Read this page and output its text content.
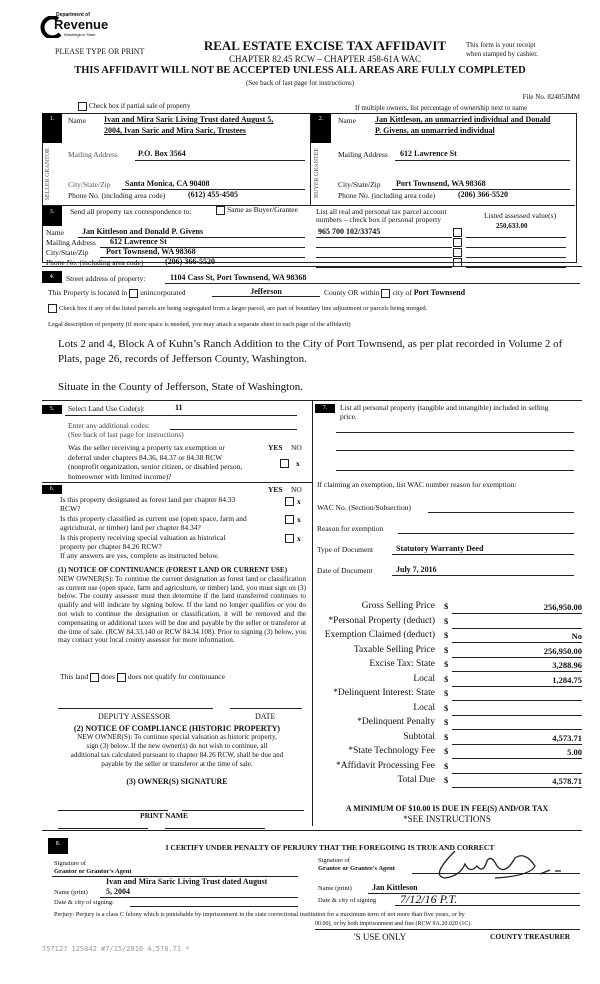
Department of
Revenue
Washington State
PLEASE TYPE OR PRINT	REAL ESTATE EXCISE TAX AFFIDAVIT
CHAPTER 82.45 RCW – CHAPTER 458-61A WAC
This form is your receipt
when stamped by cashier.
THIS AFFIDAVIT WILL NOT BE ACCEPTED UNLESS ALL AREAS ARE FULLY COMPLETED
(See back of last page for instructions)
File No. 82405JMM
Check box if partial sale of property	If multiple owners, list percentage of ownership next to name
1.	2.
SELLER GRANTOR	BUYER GRANTEE
Name Ivan and Mira Saric Living Trust dated August 5,
2004, Ivan Saric and Mira Saric, Trustees
Mailing Address	P.O. Box 3564
City/State/Zip Santa Monica, CA 90408
Phone No. (including area code)	(612) 455-4505
Name Jan Kittleson, an unmarried individual and Donald
P. Givens, an unmarried individual
Mailing Address 612 Lawrence St
City/State/Zip Port Townsend, WA 98368
Phone No. (including area code)	(206) 366-5520
3.	Send all property tax correspondence to:	Same as Buyer/Grantee
Name Jan Kittleson and Donald P. Givens
Mailing Address 612 Lawrence St
City/State/Zip Port Townsend, WA 98368
Phone No. (including area code)	(206) 366-5520
List all real and personal tax parcel account
numbers – check box if personal property	Listed assessed value(s)
965 700 102/33745
250,633.00
4.	Street address of property:	1104 Cass St, Port Townsend, WA 98368
This Property is located in unincorporated	Jefferson	County OR within city of Port Townsend
Check box if any of the listed parcels are being segregated from a larger parcel, are part of boundary line adjustment or parcels being merged.
Legal description of property (if more space is needed, you may attach a separate sheet to each page of the affidavit)
Lots 2 and 4, Block A of Kuhn’s Ranch Addition to the City of Port Townsend, as per plat recorded in Volume 2 of
Plats, page 26, records of Jefferson County, Washington.
Situate in the County of Jefferson, State of Washington.
5.	Select Land Use Code(s):	11
Enter any additional codes:
(See back of last page for instructions)
Was the seller receiving a property tax exemption or
deferral under chapters 84.36, 84.37 or 84.38 RCW
(nonprofit organization, senior citizen, or disabled person,
homeowner with limited income)?
YES NO
x
6.	YES NO
Is this property designated as forest land per chapter 84.33
RCW?
x
Is this property classified as current use (open space, farm and
agricultural, or timber) land per chapter 84.34?
x
Is this property receiving special valuation as historical
property per chapter 84.26 RCW?
x
If any answers are yes, complete as instructed below.
(1) NOTICE OF CONTINUANCE (FOREST LAND OR CURRENT USE)
NEW OWNER(S): To continue the current designation as forest land or classification as current use (open space, farm and agriculture, or timber) land, you must sign on (3) below. The county assessor must then determine if the land transferred continues to qualify and will indicate by signing below. If the land no longer qualifies or you do not wish to continue the designation or classification, it will be removed and the compensating or additional taxes will be due and payable by the seller or transferor at the time of sale. (RCW 84.33.140 or RCW 84.34.108). Prior to signing (3) below, you may contact your local county assessor for more information.
This land does does not qualify for continuance
DEPUTY ASSESSOR	DATE
(2) NOTICE OF COMPLIANCE (HISTORIC PROPERTY)
NEW OWNER(S): To continue special valuation as historic property,
sign (3) below. If the new owner(s) do not wish to continue, all
additional tax calculated pursuant to chapter 84.26 RCW, shall be due and
payable by the seller or transferor at the time of sale.
(3) OWNER(S) SIGNATURE
PRINT NAME
7.	List all personal property (tangible and intangible) included in selling
price.
If claiming an exemption, list WAC number reason for exemption:
WAC No. (Section/Subsection)
Reason for exemption
Type of Document	Statutory Warranty Deed
Date of Document	July 7, 2016
Gross Selling Price $	256,950.00
*Personal Property (deduct) $
Exemption Claimed (deduct) $	No
Taxable Selling Price $	256,950.00
Excise Tax: State $	3,288.96
Local $	1,284.75
*Delinquent Interest: State $
Local $
*Delinquent Penalty $
Subtotal $	4,573.71
*State Technology Fee $	5.00
*Affidavit Processing Fee $
Total Due $	4,578.71
A MINIMUM OF $10.00 IS DUE IN FEE(S) AND/OR TAX
*SEE INSTRUCTIONS
8.	I CERTIFY UNDER PENALTY OF PERJURY THAT THE FOREGOING IS TRUE AND CORRECT
Signature of
Grantor or Grantor's Agent
Ivan and Mira Saric Living Trust dated August
Name (print) 5, 2004
Date & city of signing:
Signature of
Grantee or Grantee's Agent
Name (print)	Jan Kittleson
Date & city of signing 7/12/16 P.T.
Perjury: Perjury is a class C felony which is punishable by imprisonment in the state correctional institution for a maximum term of not more than five years, or by
00.00), or by both imprisonment and fine (RCW 9A.20.020 (1C).
'S USE ONLY	COUNTY TREASURER
757127 125842 #7/15/2016 4,578.71 *
